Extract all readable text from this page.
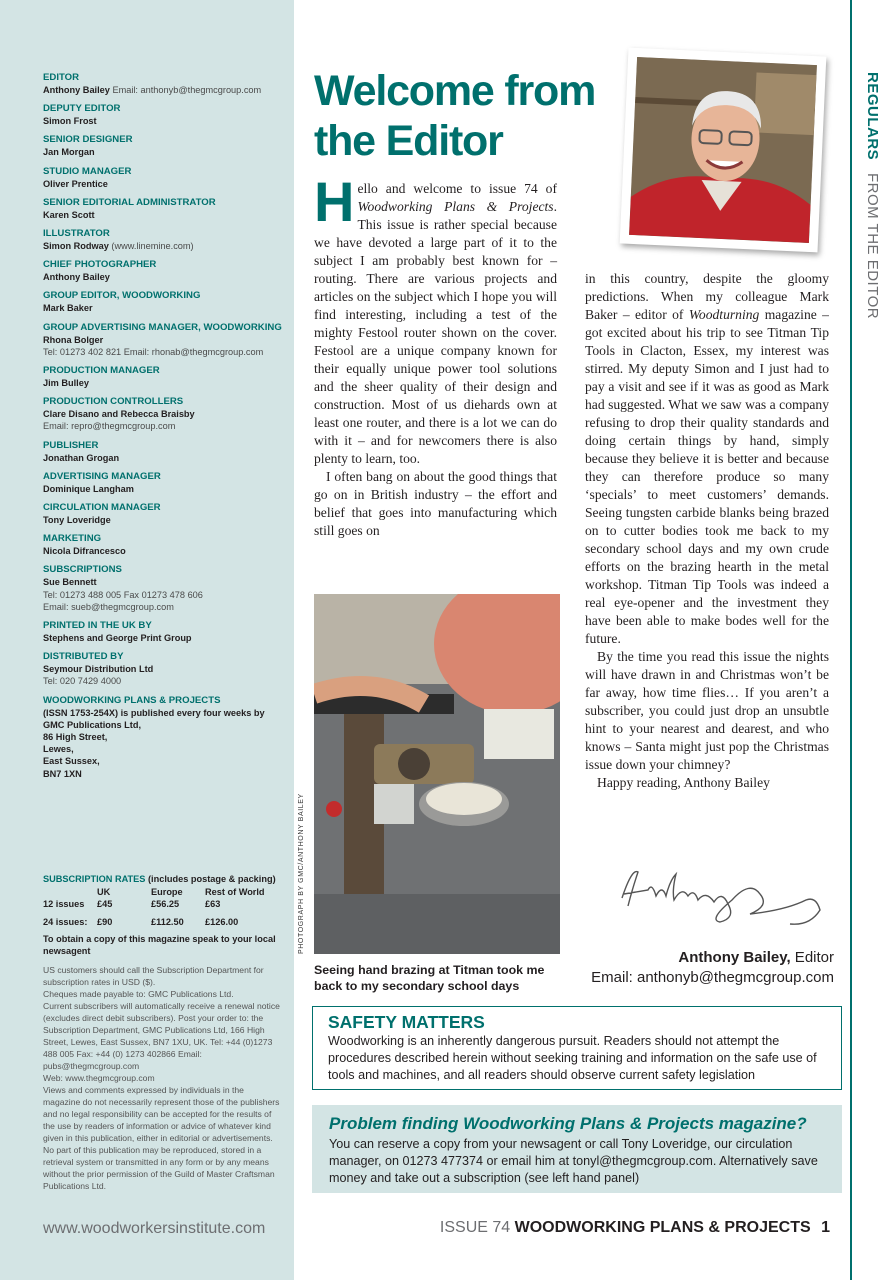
EDITOR
Anthony Bailey Email: anthonyb@thegmcgroup.com
DEPUTY EDITOR
Simon Frost
SENIOR DESIGNER
Jan Morgan
STUDIO MANAGER
Oliver Prentice
SENIOR EDITORIAL ADMINISTRATOR
Karen Scott
ILLUSTRATOR
Simon Rodway (www.linemine.com)
CHIEF PHOTOGRAPHER
Anthony Bailey
GROUP EDITOR, WOODWORKING
Mark Baker
GROUP ADVERTISING MANAGER, WOODWORKING
Rhona Bolger
Tel: 01273 402 821 Email: rhonab@thegmcgroup.com
PRODUCTION MANAGER
Jim Bulley
PRODUCTION CONTROLLERS
Clare Disano and Rebecca Braisby
Email: repro@thegmcgroup.com
PUBLISHER
Jonathan Grogan
ADVERTISING MANAGER
Dominique Langham
CIRCULATION MANAGER
Tony Loveridge
MARKETING
Nicola Difrancesco
SUBSCRIPTIONS
Sue Bennett
Tel: 01273 488 005 Fax 01273 478 606
Email: sueb@thegmcgroup.com
PRINTED IN THE UK BY
Stephens and George Print Group
DISTRIBUTED BY
Seymour Distribution Ltd
Tel: 020 7429 4000
WOODWORKING PLANS & PROJECTS
(ISSN 1753-254X) is published every four weeks by
GMC Publications Ltd,
86 High Street,
Lewes,
East Sussex,
BN7 1XN
SUBSCRIPTION RATES (includes postage & packing)
	UK	Europe	Rest of World
12 issues	£45	£56.25	£63
24 issues:	£90	£112.50	£126.00
To obtain a copy of this magazine speak to your local newsagent
US customers should call the Subscription Department for subscription rates in USD ($).
Cheques made payable to: GMC Publications Ltd.
Current subscribers will automatically receive a renewal notice (excludes direct debit subscribers). Post your order to: the Subscription Department, GMC Publications Ltd, 166 High Street, Lewes, East Sussex, BN7 1XU, UK. Tel: +44 (0)1273 488 005 Fax: +44 (0) 1273 402866 Email: pubs@thegmcgroup.com
Web: www.thegmcgroup.com
Views and comments expressed by individuals in the magazine do not necessarily represent those of the publishers and no legal responsibility can be accepted for the results of the use by readers of information or advice of whatever kind given in this publication, either in editorial or advertisements. No part of this publication may be reproduced, stored in a retrieval system or transmitted in any form or by any means without the prior permission of the Guild of Master Craftsman Publications Ltd.
www.woodworkersinstitute.com
REGULARS FROM THE EDITOR
Welcome from the Editor

Hello and welcome to issue 74 of Woodworking Plans & Projects. This issue is rather special because we have devoted a large part of it to the subject I am probably best known for – routing. There are various projects and articles on the subject which I hope you will find interesting, including a test of the mighty Festool router shown on the cover. Festool are a unique company known for their equally unique power tool solutions and the sheer quality of their design and construction. Most of us diehards own at least one router, and there is a lot we can do with it – and for newcomers there is also plenty to learn, too.

I often bang on about the good things that go on in British industry – the effort and belief that goes into manufacturing which still goes on

in this country, despite the gloomy predictions. When my colleague Mark Baker – editor of Woodturning magazine – got excited about his trip to see Titman Tip Tools in Clacton, Essex, my interest was stirred. My deputy Simon and I just had to pay a visit and see if it was as good as Mark had suggested. What we saw was a company refusing to drop their quality standards and doing certain things by hand, simply because they believe it is better and because they can therefore produce so many ‘specials’ to meet customers’ demands. Seeing tungsten carbide blanks being brazed on to cutter bodies took me back to my secondary school days and my own crude efforts on the brazing hearth in the metal workshop. Titman Tip Tools was indeed a real eye-opener and the investment they have been able to make bodes well for the future.

By the time you read this issue the nights will have drawn in and Christmas won’t be far away, how time flies… If you aren’t a subscriber, you could just drop an unsubtle hint to your nearest and dearest, and who knows – Santa might just pop the Christmas issue down your chimney?

Happy reading, Anthony Bailey

PHOTOGRAPH BY GMC/ANTHONY BAILEY
Seeing hand brazing at Titman took me back to my secondary school days
Anthony Bailey, Editor
Email: anthonyb@thegmcgroup.com
SAFETY MATTERS
Woodworking is an inherently dangerous pursuit. Readers should not attempt the procedures described herein without seeking training and information on the safe use of tools and machines, and all readers should observe current safety legislation
Problem finding Woodworking Plans & Projects magazine?
You can reserve a copy from your newsagent or call Tony Loveridge, our circulation manager, on 01273 477374 or email him at tonyl@thegmcgroup.com. Alternatively save money and take out a subscription (see left hand panel)
ISSUE 74 WOODWORKING PLANS & PROJECTS 1
